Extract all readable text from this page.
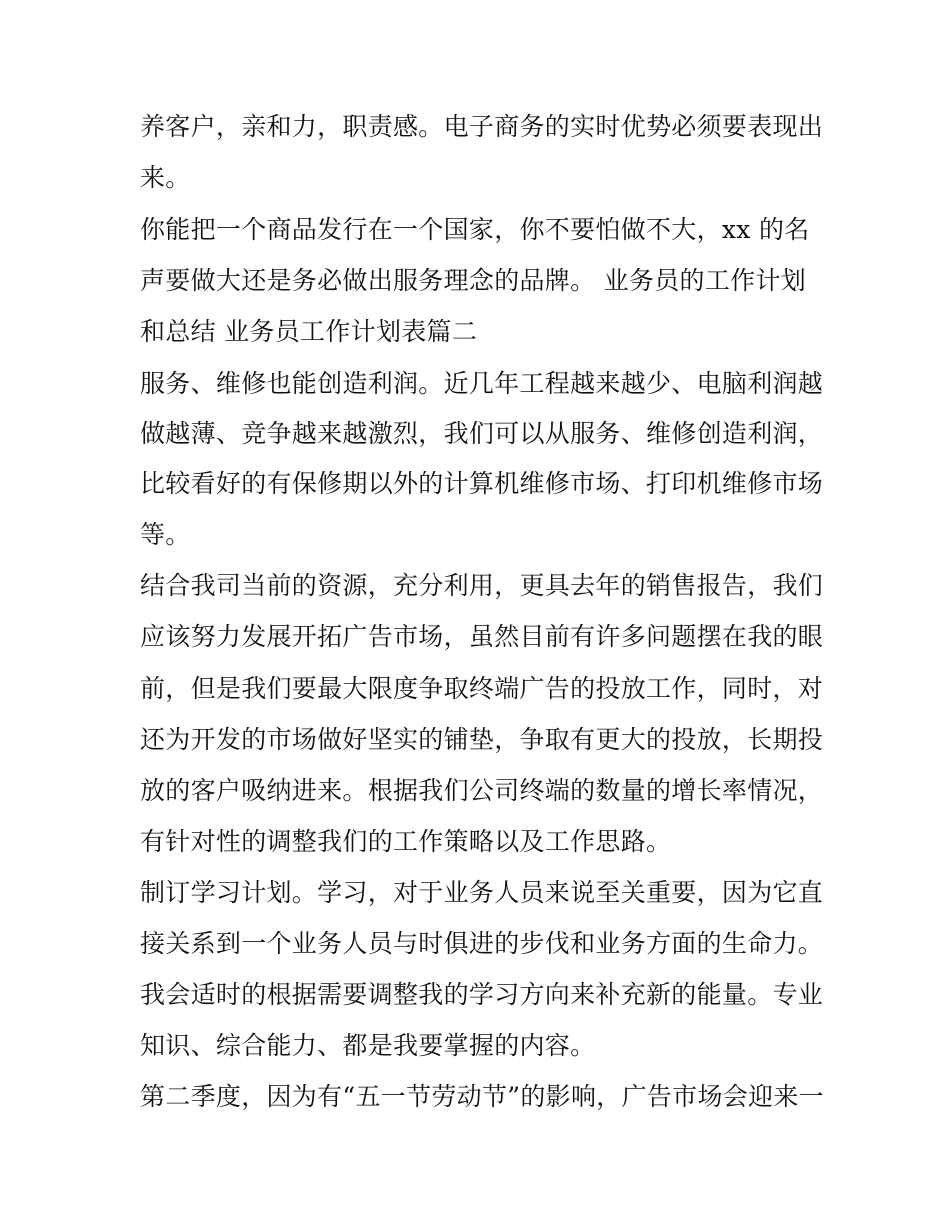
养客户，亲和力，职责感。电子商务的实时优势必须要表现出
来。
你能把一个商品发行在一个国家，你不要怕做不大，xx 的名
声要做大还是务必做出服务理念的品牌。 业务员的工作计划
和总结 业务员工作计划表篇二
服务、维修也能创造利润。近几年工程越来越少、电脑利润越
做越薄、竞争越来越激烈，我们可以从服务、维修创造利润，
比较看好的有保修期以外的计算机维修市场、打印机维修市场
等。
结合我司当前的资源，充分利用，更具去年的销售报告，我们
应该努力发展开拓广告市场，虽然目前有许多问题摆在我的眼
前，但是我们要最大限度争取终端广告的投放工作，同时，对
还为开发的市场做好坚实的铺垫，争取有更大的投放，长期投
放的客户吸纳进来。根据我们公司终端的数量的增长率情况，
有针对性的调整我们的工作策略以及工作思路。
制订学习计划。学习，对于业务人员来说至关重要，因为它直
接关系到一个业务人员与时俱进的步伐和业务方面的生命力。
我会适时的根据需要调整我的学习方向来补充新的能量。专业
知识、综合能力、都是我要掌握的内容。
第二季度，因为有“五一节劳动节”的影响，广告市场会迎来一
